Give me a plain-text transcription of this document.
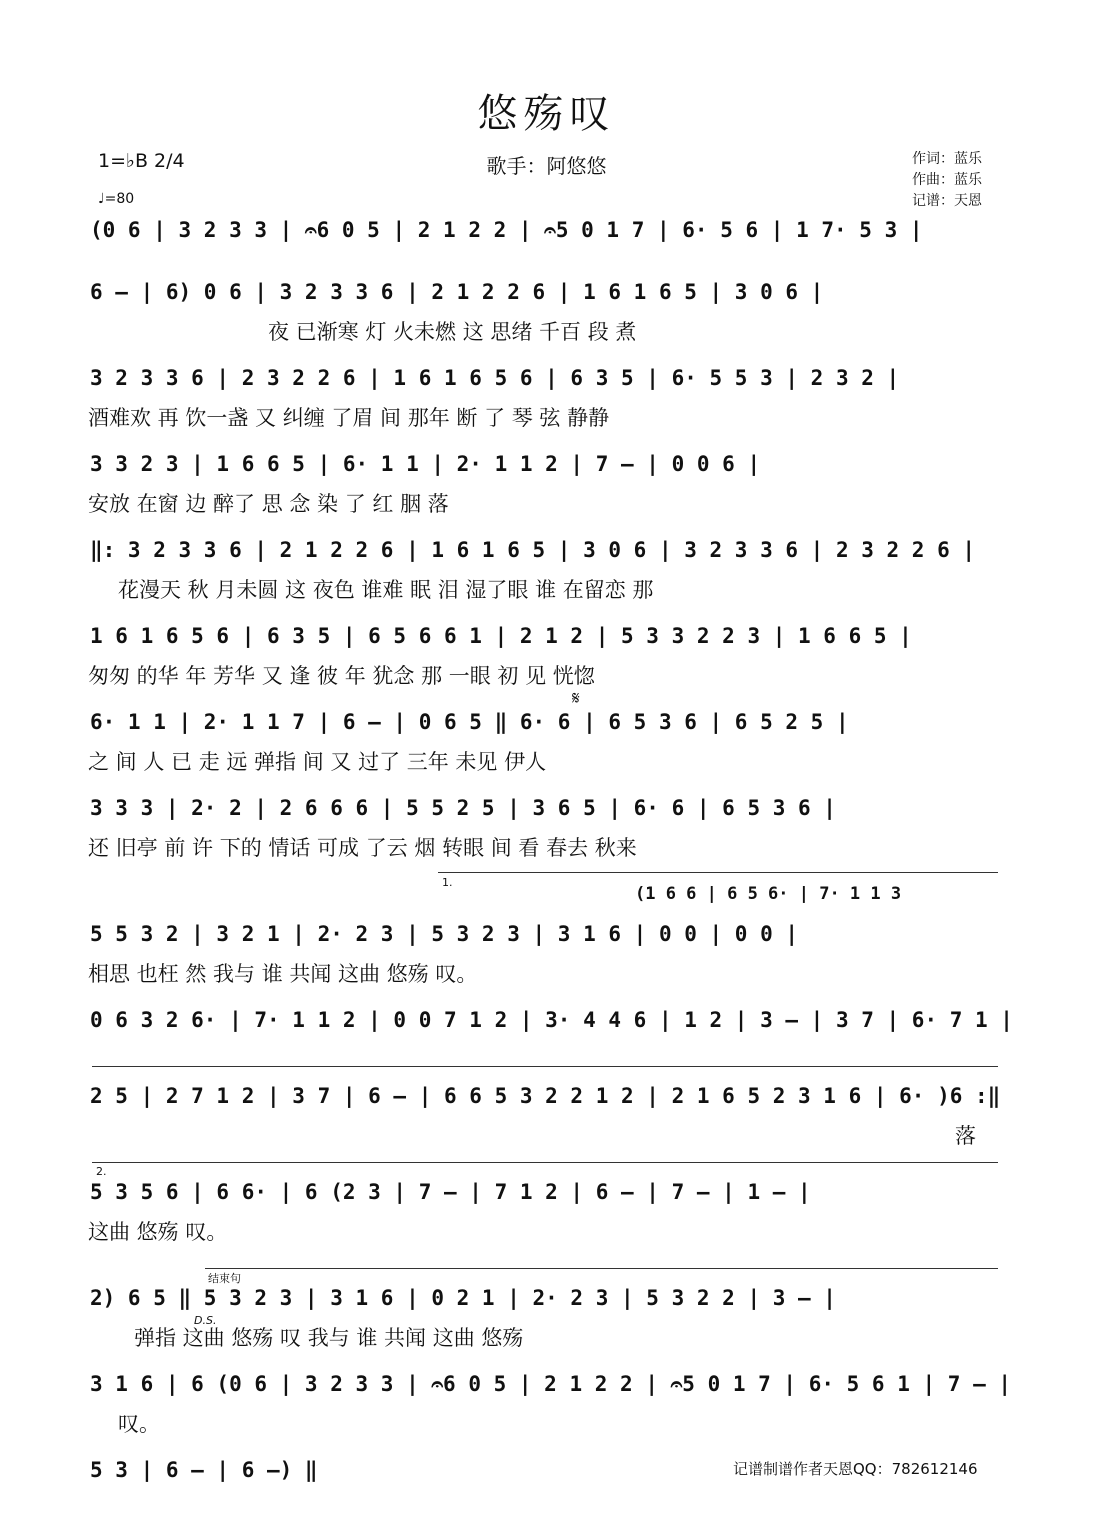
悠殇叹
歌手：阿悠悠
1=♭B 2/4
♩=80
作词：蓝乐
作曲：蓝乐
记谱：天恩
(0 6 | 3 2 3 3 | 𝄐6 0 5 | 2 1 2 2 | 𝄐5 0 1 7 | 6· 5 6 | 1 7· 5 3 |
6 – | 6) 0 6 | 3 2 3 3 6 | 2 1 2 2 6 | 1 6 1 6 5 | 3 0 6 |
夜 已渐寒 灯 火未燃 这 思绪 千百 段 煮
3 2 3 3 6 | 2 3 2 2 6 | 1 6 1 6 5 6 | 6 3 5 | 6· 5 5 3 | 2 3 2 |
酒难欢 再 饮一盏 又 纠缠 了眉 间 那年 断 了 琴 弦 静静
3 3 2 3 | 1 6 6 5 | 6· 1 1 | 2· 1 1 2 | 7 – | 0 0 6 |
安放 在窗 边 醉了 思 念 染 了 红 胭 落
‖: 3 2 3 3 6 | 2 1 2 2 6 | 1 6 1 6 5 | 3 0 6 | 3 2 3 3 6 | 2 3 2 2 6 |
花漫天 秋 月未圆 这 夜色 谁难 眠 泪 湿了眼 谁 在留恋 那
1 6 1 6 5 6 | 6 3 5 | 6 5 6 6 1 | 2 1 2 | 5 3 3 2 2 3 | 1 6 6 5 |
匆匆 的华 年 芳华 又 逢 彼 年 犹念 那 一眼 初 见 恍惚
𝄋
6· 1 1 | 2· 1 1 7 | 6 – | 0 6 5 ‖ 6· 6 | 6 5 3 6 | 6 5 2 5 |
之 间 人 已 走 远 弹指 间 又 过了 三年 未见 伊人
3 3 3 | 2· 2 | 2 6 6 6 | 5 5 2 5 | 3 6 5 | 6· 6 | 6 5 3 6 |
还 旧亭 前 许 下的 情话 可成 了云 烟 转眼 间 看 春去 秋来
1.
(1 6 6 | 6 5 6· | 7· 1 1 3
5 5 3 2 | 3 2 1 | 2· 2 3 | 5 3 2 3 | 3 1 6 | 0 0 | 0 0 |
相思 也枉 然 我与 谁 共闻 这曲 悠殇 叹。
0 6 3 2 6· | 7· 1 1 2 | 0 0 7 1 2 | 3· 4 4 6 | 1 2 | 3 – | 3 7 | 6· 7 1 |
2 5 | 2 7 1 2 | 3 7 | 6 – | 6 6 5 3 2 2 1 2 | 2 1 6 5 2 3 1 6 | 6· )6 :‖
落
2.
5 3 5 6 | 6 6· | 6 (2 3 | 7 – | 7 1 2 | 6 – | 7 – | 1 – |
这曲 悠殇 叹。
结束句
2) 6 5 ‖ 5 3 2 3 | 3 1 6 | 0 2 1 | 2· 2 3 | 5 3 2 2 | 3 – |
D.S.
弹指 这曲 悠殇 叹 我与 谁 共闻 这曲 悠殇
3 1 6 | 6 (0 6 | 3 2 3 3 | 𝄐6 0 5 | 2 1 2 2 | 𝄐5 0 1 7 | 6· 5 6 1 | 7 – |
叹。
5 3 | 6 – | 6 –) ‖	记谱制谱作者天恩QQ：782612146
